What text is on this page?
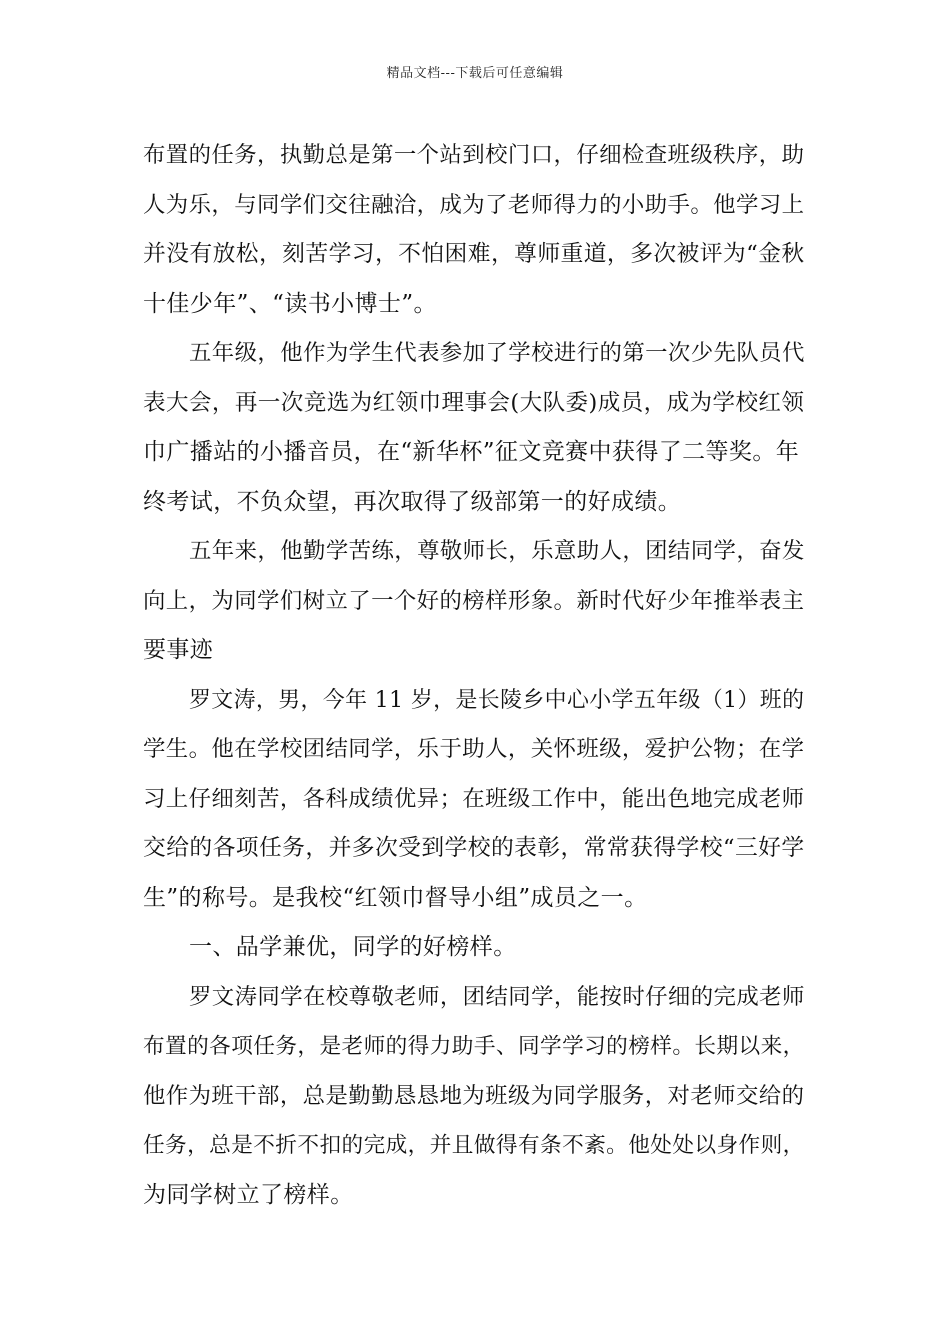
精品文档---下载后可任意编辑
布置的任务，执勤总是第一个站到校门口，仔细检查班级秩序，助
人为乐，与同学们交往融洽，成为了老师得力的小助手。他学习上
并没有放松，刻苦学习，不怕困难，尊师重道，多次被评为“金秋
十佳少年”、“读书小博士”。
五年级，他作为学生代表参加了学校进行的第一次少先队员代
表大会，再一次竞选为红领巾理事会(大队委)成员，成为学校红领
巾广播站的小播音员，在“新华杯”征文竞赛中获得了二等奖。年
终考试，不负众望，再次取得了级部第一的好成绩。
五年来，他勤学苦练，尊敬师长，乐意助人，团结同学，奋发
向上，为同学们树立了一个好的榜样形象。新时代好少年推举表主
要事迹
罗文涛，男，今年 11 岁，是长陵乡中心小学五年级（1）班的
学生。他在学校团结同学，乐于助人，关怀班级，爱护公物；在学
习上仔细刻苦，各科成绩优异；在班级工作中，能出色地完成老师
交给的各项任务，并多次受到学校的表彰，常常获得学校“三好学
生”的称号。是我校“红领巾督导小组”成员之一。
一、品学兼优，同学的好榜样。
罗文涛同学在校尊敬老师，团结同学，能按时仔细的完成老师
布置的各项任务，是老师的得力助手、同学学习的榜样。长期以来，
他作为班干部，总是勤勤恳恳地为班级为同学服务，对老师交给的
任务，总是不折不扣的完成，并且做得有条不紊。他处处以身作则，
为同学树立了榜样。
